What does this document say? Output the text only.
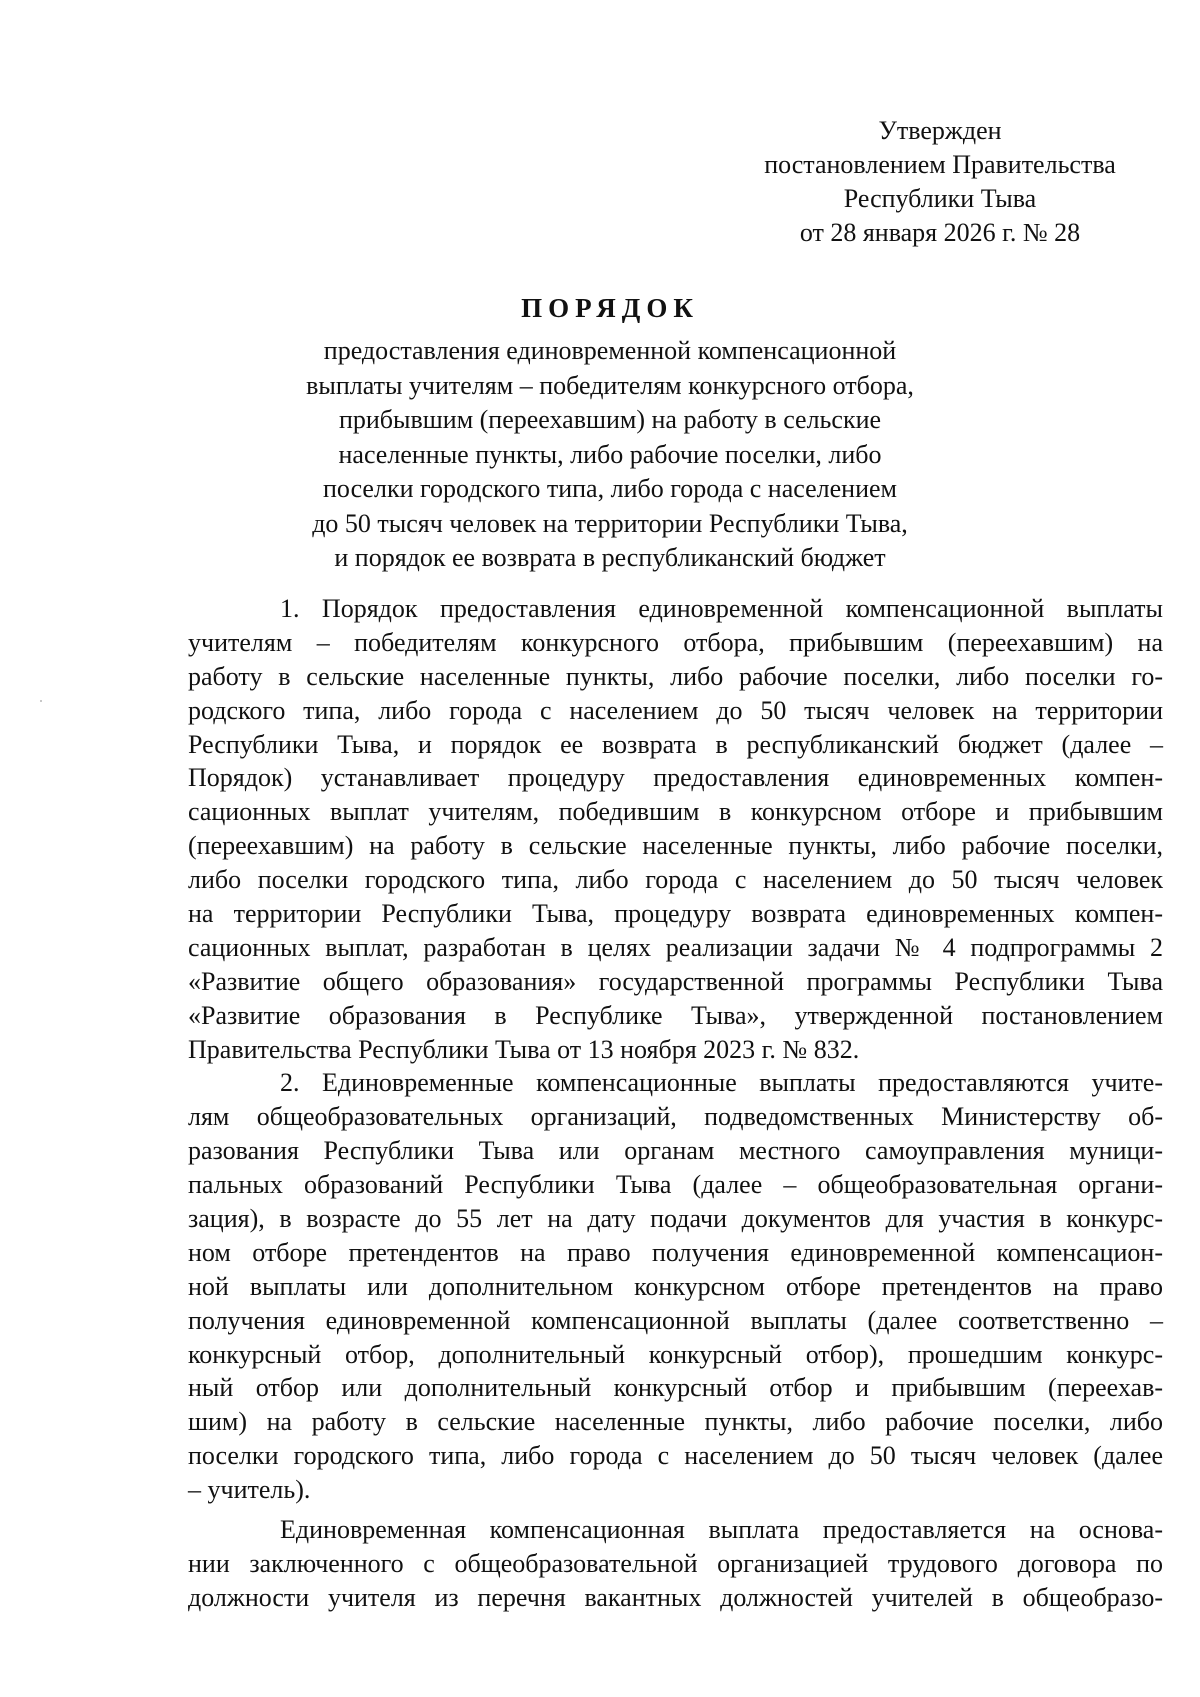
Утвержден
постановлением Правительства
Республики Тыва
от 28 января 2026 г. № 28
ПОРЯДОК
предоставления единовременной компенсационной
выплаты учителям – победителям конкурсного отбора,
прибывшим (переехавшим) на работу в сельские
населенные пункты, либо рабочие поселки, либо
поселки городского типа, либо города с населением
до 50 тысяч человек на территории Республики Тыва,
и порядок ее возврата в республиканский бюджет
1. Порядок предоставления единовременной компенсационной выплаты
учителям – победителям конкурсного отбора, прибывшим (переехавшим) на
работу в сельские населенные пункты, либо рабочие поселки, либо поселки го-
родского типа, либо города с населением до 50 тысяч человек на территории
Республики Тыва, и порядок ее возврата в республиканский бюджет (далее –
Порядок) устанавливает процедуру предоставления единовременных компен-
сационных выплат учителям, победившим в конкурсном отборе и прибывшим
(переехавшим) на работу в сельские населенные пункты, либо рабочие поселки,
либо поселки городского типа, либо города с населением до 50 тысяч человек
на территории Республики Тыва, процедуру возврата единовременных компен-
сационных выплат, разработан в целях реализации задачи № 4 подпрограммы 2
«Развитие общего образования» государственной программы Республики Тыва
«Развитие образования в Республике Тыва», утвержденной постановлением
Правительства Республики Тыва от 13 ноября 2023 г. № 832.
2. Единовременные компенсационные выплаты предоставляются учите-
лям общеобразовательных организаций, подведомственных Министерству об-
разования Республики Тыва или органам местного самоуправления муници-
пальных образований Республики Тыва (далее – общеобразовательная органи-
зация), в возрасте до 55 лет на дату подачи документов для участия в конкурс-
ном отборе претендентов на право получения единовременной компенсацион-
ной выплаты или дополнительном конкурсном отборе претендентов на право
получения единовременной компенсационной выплаты (далее соответственно –
конкурсный отбор, дополнительный конкурсный отбор), прошедшим конкурс-
ный отбор или дополнительный конкурсный отбор и прибывшим (переехав-
шим) на работу в сельские населенные пункты, либо рабочие поселки, либо
поселки городского типа, либо города с населением до 50 тысяч человек (далее
– учитель).
Единовременная компенсационная выплата предоставляется на основа-
нии заключенного с общеобразовательной организацией трудового договора по
должности учителя из перечня вакантных должностей учителей в общеобразо-
